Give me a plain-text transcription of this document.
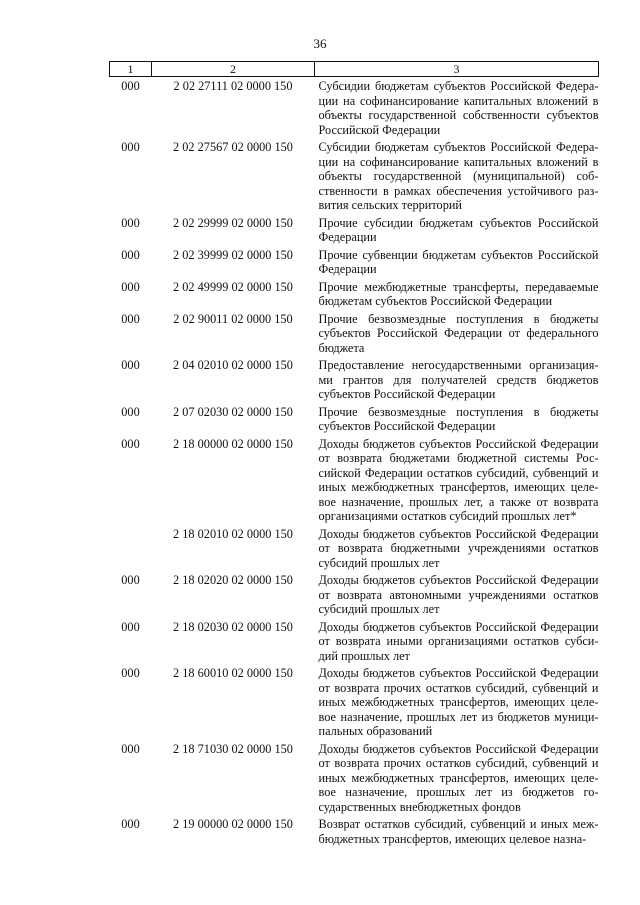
36
1	2	3
000	2 02 27111 02 0000 150	Субсидии бюджетам субъектов Российской Федера-ции на софинансирование капитальных вложений в объекты государственной собственности субъектов Российской Федерации
000	2 02 27567 02 0000 150	Субсидии бюджетам субъектов Российской Федера-ции на софинансирование капитальных вложений в объекты государственной (муниципальной) соб-ственности в рамках обеспечения устойчивого раз-вития сельских территорий
000	2 02 29999 02 0000 150	Прочие субсидии бюджетам субъектов Российской Федерации
000	2 02 39999 02 0000 150	Прочие субвенции бюджетам субъектов Российской Федерации
000	2 02 49999 02 0000 150	Прочие межбюджетные трансферты, передаваемые бюджетам субъектов Российской Федерации
000	2 02 90011 02 0000 150	Прочие безвозмездные поступления в бюджеты субъектов Российской Федерации от федерального бюджета
000	2 04 02010 02 0000 150	Предоставление негосударственными организация-ми грантов для получателей средств бюджетов субъектов Российской Федерации
000	2 07 02030 02 0000 150	Прочие безвозмездные поступления в бюджеты субъектов Российской Федерации
000	2 18 00000 02 0000 150	Доходы бюджетов субъектов Российской Федерации от возврата бюджетами бюджетной системы Рос-сийской Федерации остатков субсидий, субвенций и иных межбюджетных трансфертов, имеющих целе-вое назначение, прошлых лет, а также от возврата организациями остатков субсидий прошлых лет*
	2 18 02010 02 0000 150	Доходы бюджетов субъектов Российской Федерации от возврата бюджетными учреждениями остатков субсидий прошлых лет
000	2 18 02020 02 0000 150	Доходы бюджетов субъектов Российской Федерации от возврата автономными учреждениями остатков субсидий прошлых лет
000	2 18 02030 02 0000 150	Доходы бюджетов субъектов Российской Федерации от возврата иными организациями остатков субси-дий прошлых лет
000	2 18 60010 02 0000 150	Доходы бюджетов субъектов Российской Федерации от возврата прочих остатков субсидий, субвенций и иных межбюджетных трансфертов, имеющих целе-вое назначение, прошлых лет из бюджетов муници-пальных образований
000	2 18 71030 02 0000 150	Доходы бюджетов субъектов Российской Федерации от возврата прочих остатков субсидий, субвенций и иных межбюджетных трансфертов, имеющих целе-вое назначение, прошлых лет из бюджетов го-сударственных внебюджетных фондов
000	2 19 00000 02 0000 150	Возврат остатков субсидий, субвенций и иных меж-бюджетных трансфертов, имеющих целевое назна-
